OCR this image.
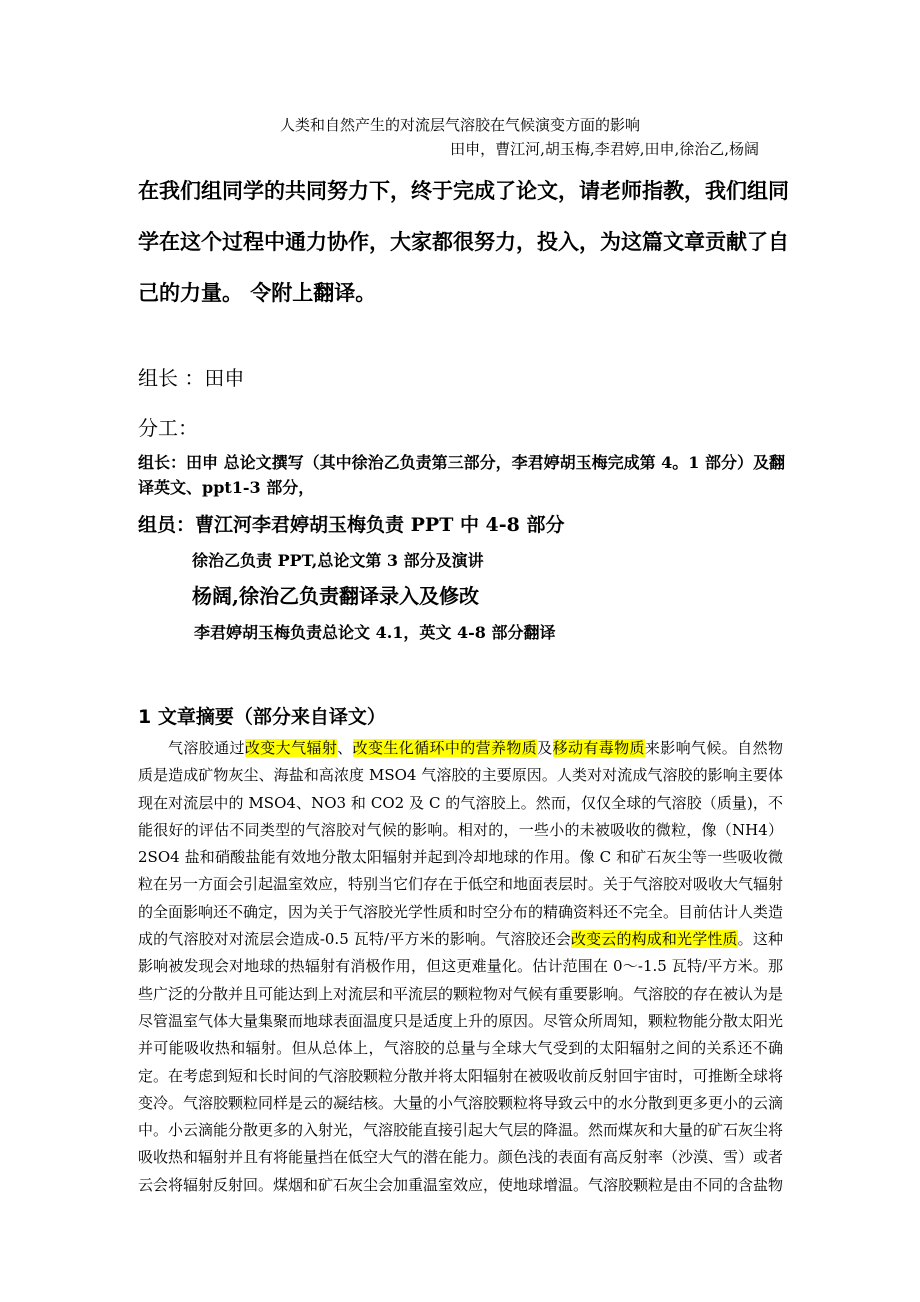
人类和自然产生的对流层气溶胶在气候演变方面的影响
田申，曹江河,胡玉梅,李君婷,田申,徐治乙,杨阔
在我们组同学的共同努力下，终于完成了论文，请老师指教，我们组同学在这个过程中通力协作，大家都很努力，投入，为这篇文章贡献了自己的力量。 令附上翻译。
组长 ：田申
分工：
组长：田申 总论文撰写（其中徐治乙负责第三部分，李君婷胡玉梅完成第 4。1 部分）及翻译英文、ppt1-3 部分，
组员：曹江河李君婷胡玉梅负责 PPT 中 4-8 部分
徐治乙负责 PPT,总论文第 3 部分及演讲
杨阔,徐治乙负责翻译录入及修改
李君婷胡玉梅负责总论文 4.1，英文 4-8 部分翻译
1 文章摘要（部分来自译文）

气溶胶通过改变大气辐射、改变生化循环中的营养物质及移动有毒物质来影响气候。自然物质是造成矿物灰尘、海盐和高浓度 MSO4 气溶胶的主要原因。人类对对流成气溶胶的影响主要体现在对流层中的 MSO4、NO3 和 CO2 及 C 的气溶胶上。然而，仅仅全球的气溶胶（质量)，不能很好的评估不同类型的气溶胶对气候的影响。相对的，一些小的未被吸收的微粒，像（NH4）2SO4 盐和硝酸盐能有效地分散太阳辐射并起到冷却地球的作用。像 C 和矿石灰尘等一些吸收微粒在另一方面会引起温室效应，特别当它们存在于低空和地面表层时。关于气溶胶对吸收大气辐射的全面影响还不确定，因为关于气溶胶光学性质和时空分布的精确资料还不完全。目前估计人类造成的气溶胶对对流层会造成-0.5 瓦特/平方米的影响。气溶胶还会改变云的构成和光学性质。这种影响被发现会对地球的热辐射有消极作用，但这更难量化。估计范围在 0～-1.5 瓦特/平方米。那些广泛的分散并且可能达到上对流层和平流层的颗粒物对气候有重要影响。气溶胶的存在被认为是尽管温室气体大量集聚而地球表面温度只是适度上升的原因。尽管众所周知，颗粒物能分散太阳光并可能吸收热和辐射。但从总体上，气溶胶的总量与全球大气受到的太阳辐射之间的关系还不确定。在考虑到短和长时间的气溶胶颗粒分散并将太阳辐射在被吸收前反射回宇宙时，可推断全球将变冷。气溶胶颗粒同样是云的凝结核。大量的小气溶胶颗粒将导致云中的水分散到更多更小的云滴中。小云滴能分散更多的入射光，气溶胶能直接引起大气层的降温。然而煤灰和大量的矿石灰尘将吸收热和辐射并且有将能量挡在低空大气的潜在能力。颜色浅的表面有高反射率（沙漠、雪）或者云会将辐射反射回。煤烟和矿石灰尘会加重温室效应，使地球增温。气溶胶颗粒是由不同的含盐物
